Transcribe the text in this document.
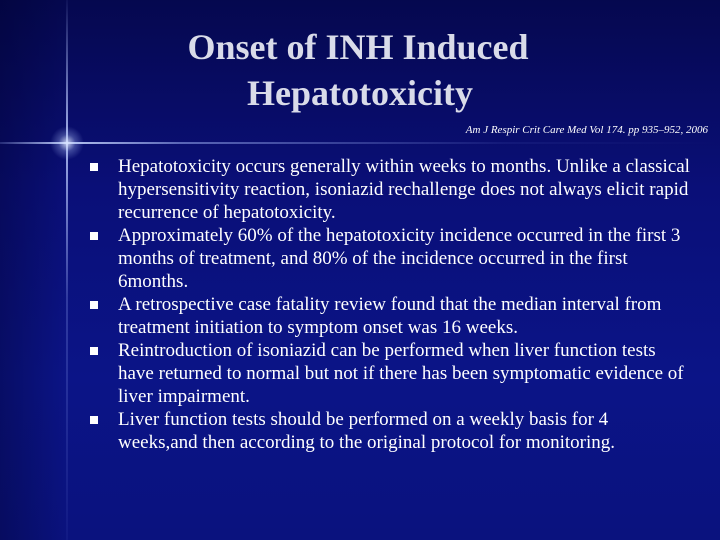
Onset of INH Induced
Hepatotoxicity
Am J Respir Crit Care Med Vol 174. pp 935–952, 2006
Hepatotoxicity occurs generally within weeks to months. Unlike a classical hypersensitivity reaction, isoniazid rechallenge does not always elicit rapid recurrence of hepatotoxicity.
Approximately 60% of the hepatotoxicity incidence occurred in the first 3 months of treatment, and 80% of the incidence occurred in the first 6months.
A retrospective case fatality review found that the median interval from treatment initiation to symptom onset was 16 weeks.
Reintroduction of isoniazid can be performed when liver function tests have returned to normal but not if there has been symptomatic evidence of liver impairment.
Liver function tests should be performed on a weekly basis for 4 weeks,and then according to the original protocol for monitoring.
